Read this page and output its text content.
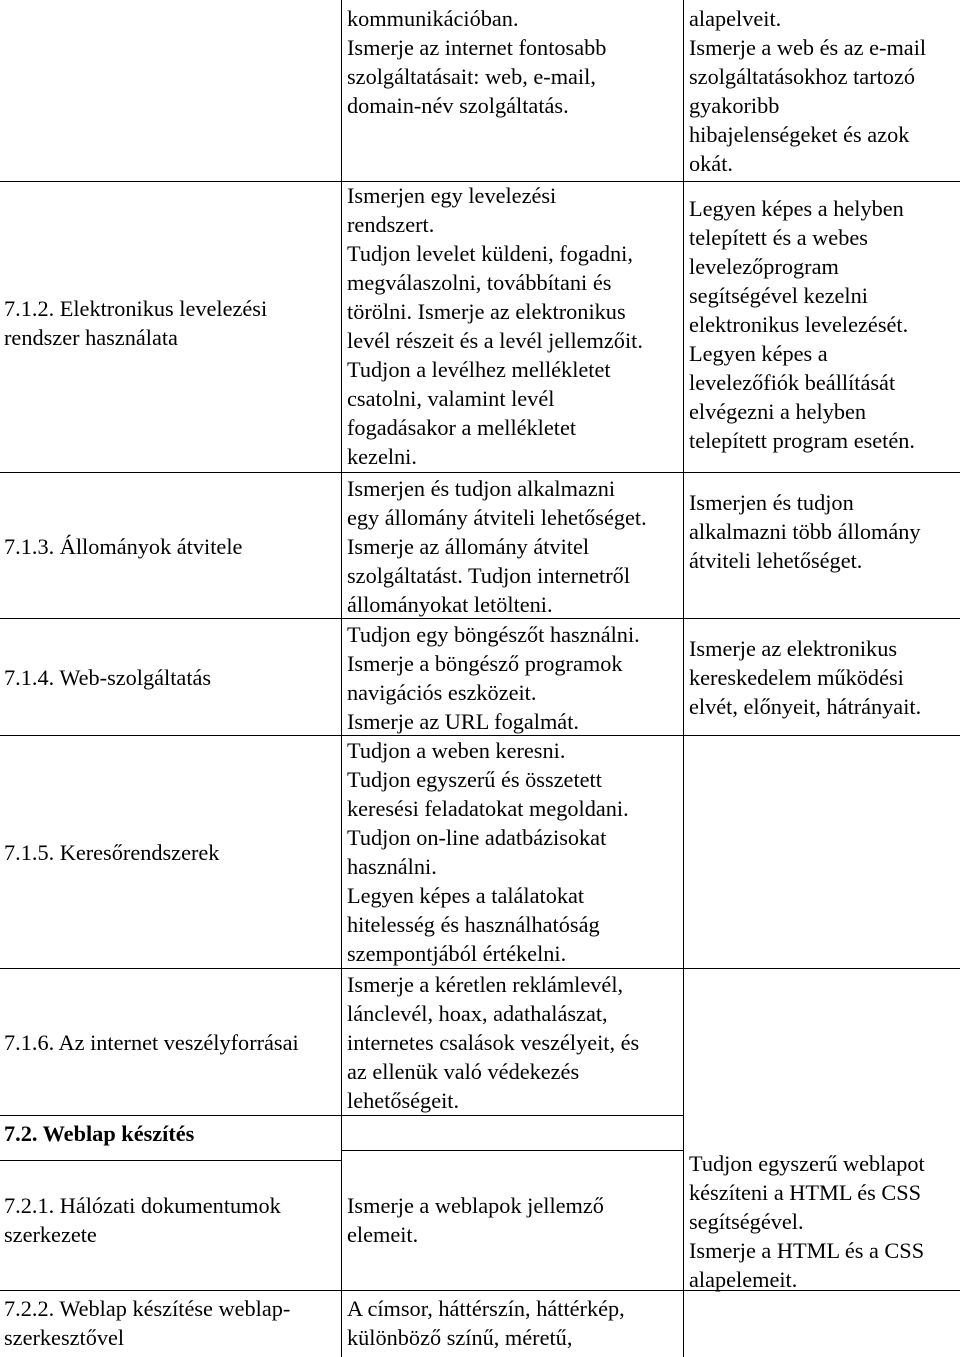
kommunikációban.
Ismerje az internet fontosabb
szolgáltatásait: web, e-mail,
domain-név szolgáltatás.
alapelveit.
Ismerje a web és az e-mail
szolgáltatásokhoz tartozó
gyakoribb
hibajelenségeket és azok
okát.
7.1.2. Elektronikus levelezési
rendszer használata
Ismerjen egy levelezési
rendszert.
Tudjon levelet küldeni, fogadni,
megválaszolni, továbbítani és
törölni. Ismerje az elektronikus
levél részeit és a levél jellemzőit.
Tudjon a levélhez mellékletet
csatolni, valamint levél
fogadásakor a mellékletet
kezelni.
Legyen képes a helyben
telepített és a webes
levelezőprogram
segítségével kezelni
elektronikus levelezését.
Legyen képes a
levelezőfiók beállítását
elvégezni a helyben
telepített program esetén.
7.1.3. Állományok átvitele
Ismerjen és tudjon alkalmazni
egy állomány átviteli lehetőséget.
Ismerje az állomány átvitel
szolgáltatást. Tudjon internetről
állományokat letölteni.
Ismerjen és tudjon
alkalmazni több állomány
átviteli lehetőséget.
7.1.4. Web-szolgáltatás
Tudjon egy böngészőt használni.
Ismerje a böngésző programok
navigációs eszközeit.
Ismerje az URL fogalmát.
Ismerje az elektronikus
kereskedelem működési
elvét, előnyeit, hátrányait.
7.1.5. Keresőrendszerek
Tudjon a weben keresni.
Tudjon egyszerű és összetett
keresési feladatokat megoldani.
Tudjon on-line adatbázisokat
használni.
Legyen képes a találatokat
hitelesség és használhatóság
szempontjából értékelni.
7.1.6. Az internet veszélyforrásai
Ismerje a kéretlen reklámlevél,
lánclevél, hoax, adathalászat,
internetes csalások veszélyeit, és
az ellenük való védekezés
lehetőségeit.
7.2. Weblap készítés
7.2.1. Hálózati dokumentumok
szerkezete
Ismerje a weblapok jellemző
elemeit.
Tudjon egyszerű weblapot
készíteni a HTML és CSS
segítségével.
Ismerje a HTML és a CSS
alapelemeit.
7.2.2. Weblap készítése weblap-
szerkesztővel
A címsor, háttérszín, háttérkép,
különböző színű, méretű,
